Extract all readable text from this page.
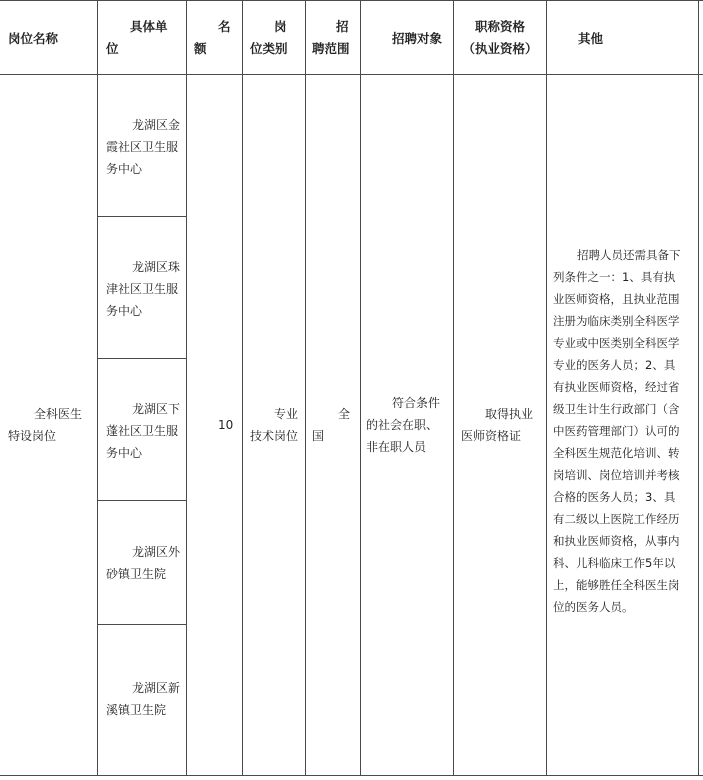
岗位名称
具体单
位
名
额
岗
位类别
招
聘范围
招聘对象
职称资格
（执业资格）
其他
全科医生
特设岗位
龙湖区金
霞社区卫生服
务中心
龙湖区珠
津社区卫生服
务中心
龙湖区下
蓬社区卫生服
务中心
龙湖区外
砂镇卫生院
龙湖区新
溪镇卫生院
10
专业
技术岗位
全
国
符合条件
的社会在职、
非在职人员
取得执业
医师资格证
招聘人员还需具备下
列条件之一：1、具有执
业医师资格，且执业范围
注册为临床类别全科医学
专业或中医类别全科医学
专业的医务人员；2、具
有执业医师资格，经过省
级卫生计生行政部门（含
中医药管理部门）认可的
全科医生规范化培训、转
岗培训、岗位培训并考核
合格的医务人员；3、具
有二级以上医院工作经历
和执业医师资格，从事内
科、儿科临床工作5年以
上，能够胜任全科医生岗
位的医务人员。
